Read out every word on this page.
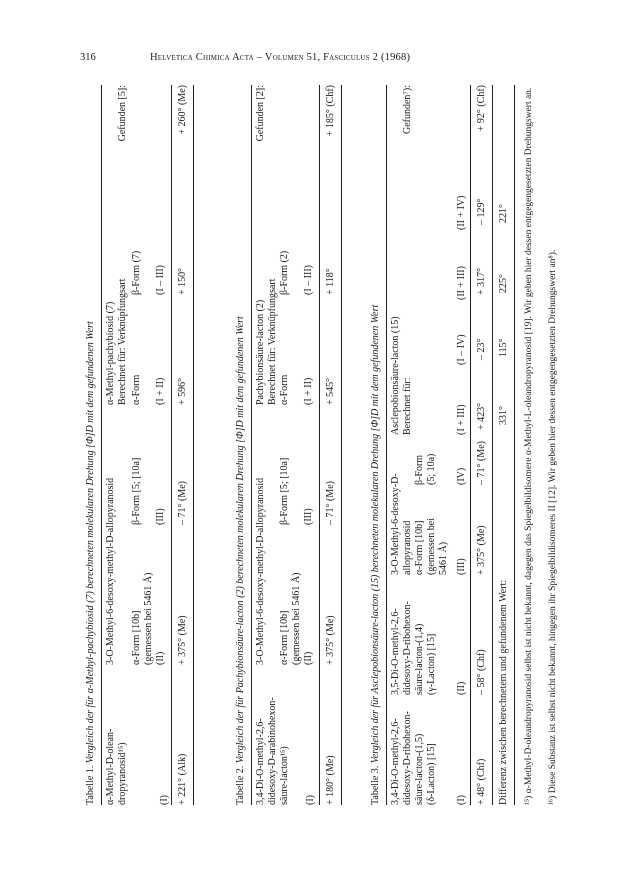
316	Helvetica Chimica Acta – Volumen 51, Fasciculus 2 (1968)
Tabelle 1. Vergleich der für α-Methyl-pachybiosid (7) berechneten molekularen Drehung [Φ]D mit dem gefundenen Wert
α-Methyl-D-olean-
dropyranosid¹⁵)
3-O-Methyl-6-desoxy-methyl-D-allopyranosid
α-Methyl-pachybiosid (7)
Berechnet für: Verknüpfungsart
Gefunden [5]:
α-Form [10b]
(gemessen bei 5461 Å)
β-Form [5; [10a]
α-Form
β-Form (7)
(I)
(II)
(III)
(I + II)
(I – III)
+ 221° (Alk)
+ 375° (Me)
– 71° (Me)
+ 596°
+ 150°
+ 260° (Me)
Tabelle 2. Vergleich der für Pachybionsäure-lacton (2) berechneten molekularen Drehung [Φ]D mit dem gefundenen Wert 3,4-Di-O-methyl-2,6-
didesoxy-D-arabinohexon-
säure-lacton¹⁵)
3-O-Methyl-6-desoxy-methyl-D-allopyranosid
Pachybionsäure-lacton (2)
Berechnet für: Verknüpfungsart
Gefunden [2]:
α-Form [10b]
(gemessen bei 5461 Å)
β-Form [5; [10a]
α-Form
β-Form (2)
(I)
(II)
(III)
(I + II)
(I – III)
+ 180° (Me)
+ 375° (Me)
– 71° (Me)
+ 545°
+ 118°
+ 185° (Chf)
Tabelle 3. Vergleich der für Asclepobionsäure-lacton (15) berechneten molekularen Drehung [Φ]D mit dem gefundenen Wert 3,4-Di-O-methyl-2,6-
didesoxy-D-ribohexon-
säure-lacton-(1,5)
(δ-Lacton) [15]
3,5-Di-O-methyl-2,6-
didesoxy-D-ribohexon-
säure-lacton-(1,4)
(γ-Lacton) [15]
3-O-Methyl-6-desoxy-D-
allopyranosid
α-Form [10b]
(gemessen bei
5461 Å)
β-Form
(5; 10a)
Asclepobionsäure-lacton (15)
Berechnet für:
Gefunden⁷):
(I)
(II)
(III)
(IV)
(I + III)
(I – IV)
(II + III)
(II + IV)
+ 48° (Chf)
– 58° (Chf)
+ 375° (Me)
– 71° (Me)
+ 423°
– 23°
+ 317°
– 129°
+ 92° (Chf)
Differenz zwischen berechnetem und gefundenem Wert:
331°
115°
225°
221° ¹⁵) α-Methyl-D-oleandropyranosid selbst ist nicht bekannt, dagegen das Spiegelbildisomere α-Methyl-L-oleandropyranosid [19]. Wir geben hier dessen entgegengesetzten Drehungswert an. ¹⁶) Diese Substanz ist selbst nicht bekannt, hingegen ihr Spiegelbildisomeres II [12]. Wir geben hier dessen entgegengesetzten Drehungswert an⁸).
